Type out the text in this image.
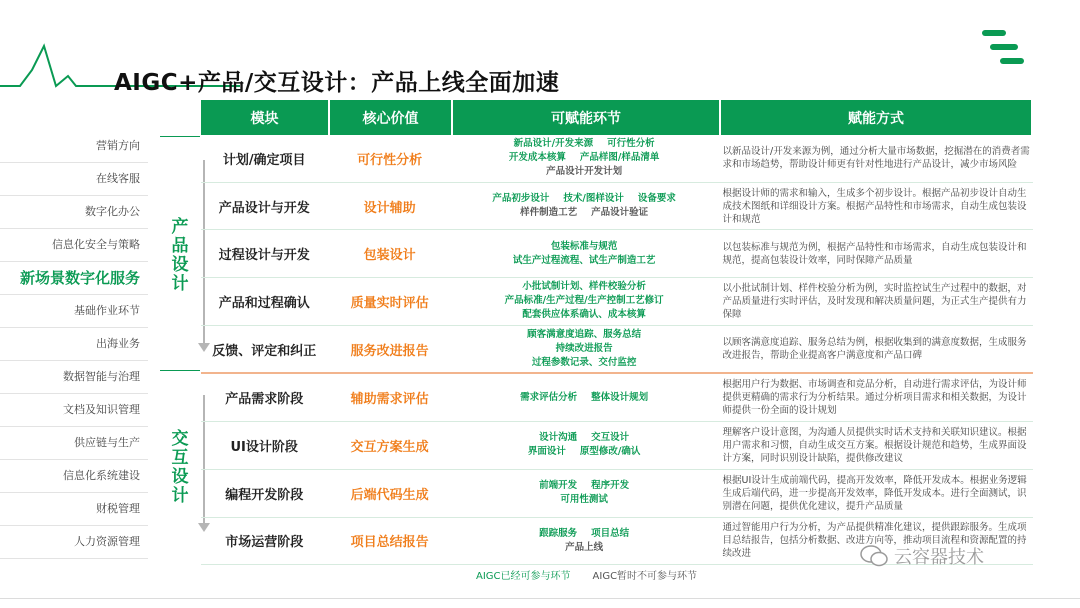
AIGC+产品/交互设计：产品上线全面加速
营销方向
在线客服
数字化办公
信息化安全与策略
新场景数字化服务
基础作业环节
出海业务
数据智能与治理
文档及知识管理
供应链与生产
信息化系统建设
财税管理
人力资源管理
产品设计
交互设计
模块	核心价值	可赋能环节	赋能方式
计划/确定项目	可行性分析
新品设计/开发来源 可行性分析
开发成本核算 产品样图/样品清单
产品设计开发计划
以新品设计/开发来源为例，通过分析大量市场数据，挖掘潜在的消费者需求和市场趋势，帮助设计师更有针对性地进行产品设计，减少市场风险
产品设计与开发	设计辅助
产品初步设计 技术/图样设计 设备要求
样件制造工艺 产品设计验证
根据设计师的需求和输入，生成多个初步设计。根据产品初步设计自动生成技术图纸和详细设计方案。根据产品特性和市场需求，自动生成包装设计和规范
过程设计与开发	包装设计
包装标准与规范
试生产过程流程、试生产制造工艺
以包装标准与规范为例，根据产品特性和市场需求，自动生成包装设计和规范，提高包装设计效率，同时保障产品质量
产品和过程确认	质量实时评估
小批试制计划、样件校验分析
产品标准/生产过程/生产控制工艺修订
配套供应体系确认、成本核算
以小批试制计划、样件校验分析为例，实时监控试生产过程中的数据，对产品质量进行实时评估，及时发现和解决质量问题，为正式生产提供有力保障
反馈、评定和纠正	服务改进报告
顾客满意度追踪、服务总结
持续改进报告
过程参数记录、交付监控
以顾客满意度追踪、服务总结为例，根据收集到的满意度数据，生成服务改进报告，帮助企业提高客户满意度和产品口碑
产品需求阶段	辅助需求评估	需求评估分析 整体设计规划
根据用户行为数据、市场调查和竞品分析，自动进行需求评估，为设计师提供更精确的需求行为分析结果。通过分析项目需求和相关数据，为设计师提供一份全面的设计规划
UI设计阶段	交互方案生成
设计沟通 交互设计
界面设计 原型修改/确认
理解客户设计意图，为沟通人员提供实时话术支持和关联知识建议。根据用户需求和习惯，自动生成交互方案。根据设计规范和趋势，生成界面设计方案，同时识别设计缺陷，提供修改建议
编程开发阶段	后端代码生成
前端开发 程序开发
可用性测试
根据UI设计生成前端代码，提高开发效率，降低开发成本。根据业务逻辑生成后端代码，进一步提高开发效率，降低开发成本。进行全面测试，识别潜在问题，提供优化建议，提升产品质量
市场运营阶段	项目总结报告
跟踪服务 项目总结
产品上线
通过智能用户行为分析，为产品提供精准化建议，提供跟踪服务。生成项目总结报告，包括分析数据、改进方向等，推动项目流程和资源配置的持续改进
AIGC已经可参与环节 AIGC暂时不可参与环节
云容器技术
